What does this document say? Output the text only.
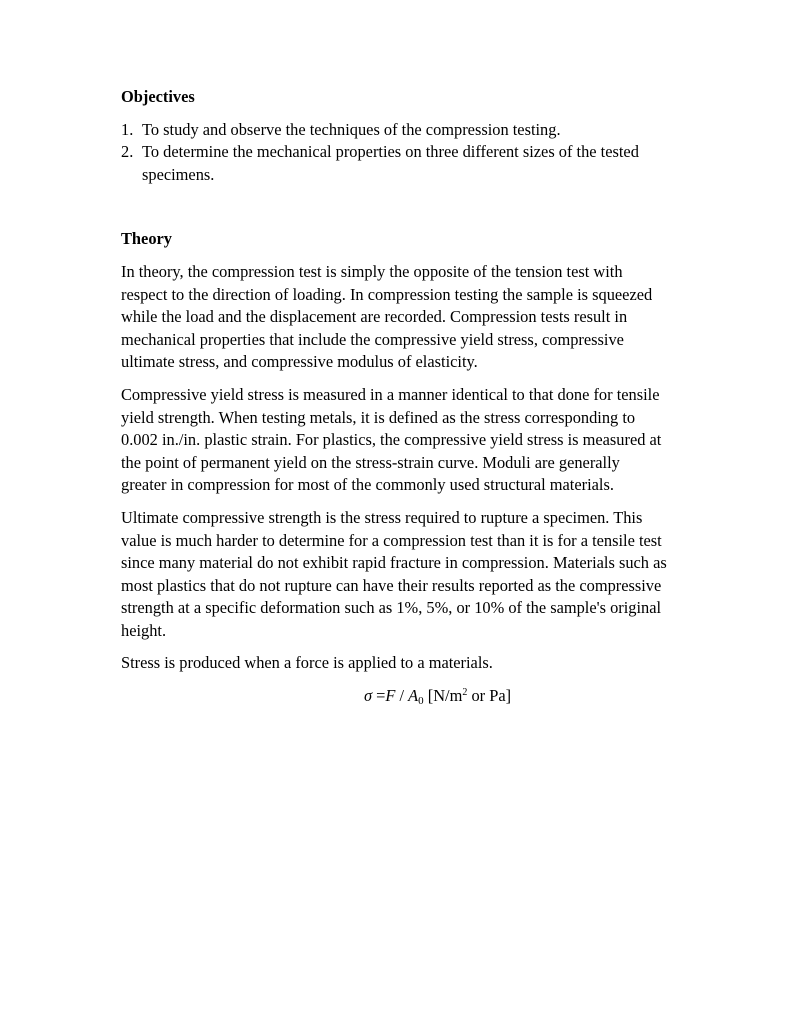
Objectives
1. To study and observe the techniques of the compression testing.
2. To determine the mechanical properties on three different sizes of the tested specimens.
Theory

In theory, the compression test is simply the opposite of the tension test with respect to the direction of loading. In compression testing the sample is squeezed while the load and the displacement are recorded. Compression tests result in mechanical properties that include the compressive yield stress, compressive ultimate stress, and compressive modulus of elasticity.

Compressive yield stress is measured in a manner identical to that done for tensile yield strength. When testing metals, it is defined as the stress corresponding to 0.002 in./in. plastic strain. For plastics, the compressive yield stress is measured at the point of permanent yield on the stress-strain curve. Moduli are generally greater in compression for most of the commonly used structural materials.

Ultimate compressive strength is the stress required to rupture a specimen. This value is much harder to determine for a compression test than it is for a tensile test since many material do not exhibit rapid fracture in compression. Materials such as most plastics that do not rupture can have their results reported as the compressive strength at a specific deformation such as 1%, 5%, or 10% of the sample's original height.

Stress is produced when a force is applied to a materials.

$\sigma =F / A_0$ [$N/m^2$ or Pa]
